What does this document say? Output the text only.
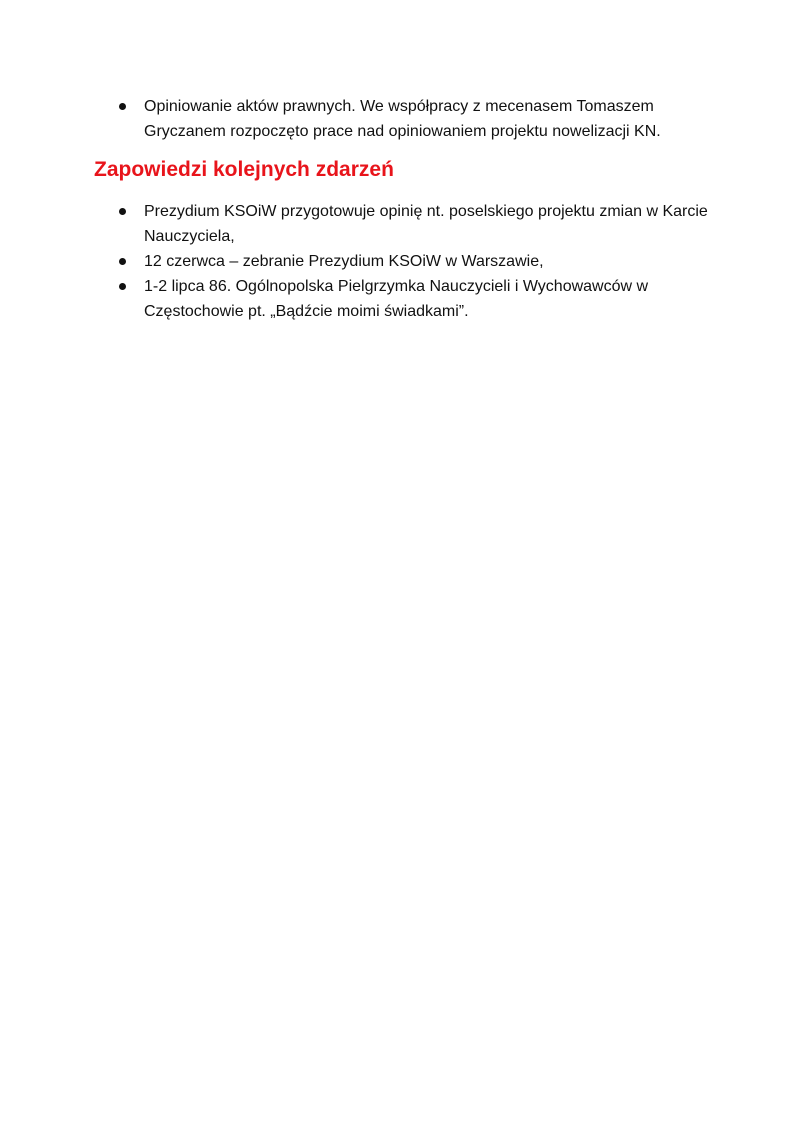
Opiniowanie aktów prawnych. We współpracy z mecenasem Tomaszem Gryczanem rozpoczęto prace nad opiniowaniem projektu nowelizacji KN.
Zapowiedzi kolejnych zdarzeń
Prezydium KSOiW przygotowuje opinię nt. poselskiego projektu zmian w Karcie Nauczyciela,
12 czerwca – zebranie Prezydium KSOiW w Warszawie,
1-2 lipca 86. Ogólnopolska Pielgrzymka Nauczycieli i Wychowawców w Częstochowie pt. „Bądźcie moimi świadkami”.
